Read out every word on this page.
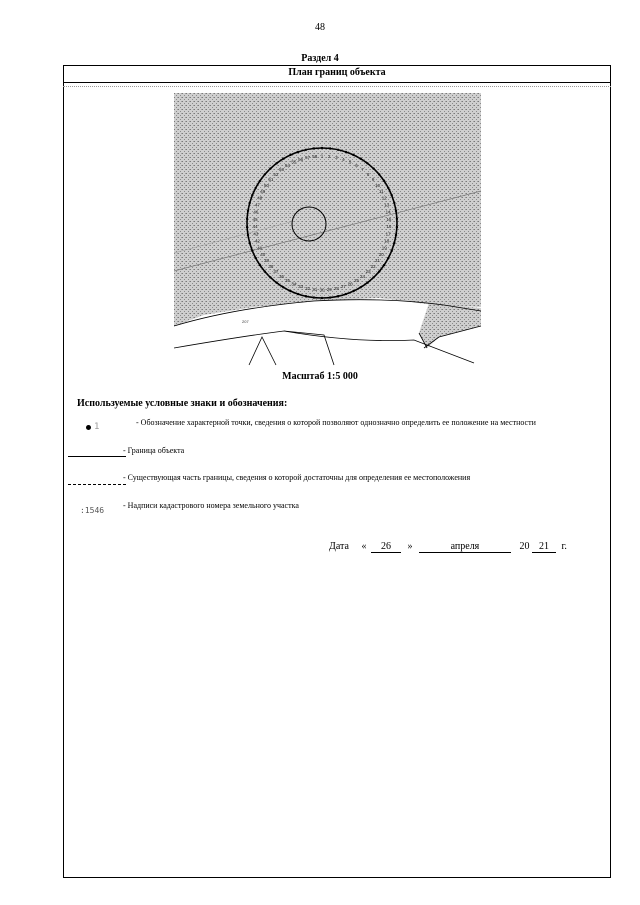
48
Раздел 4
План границ объекта
1 2 3 4
5
6
7
8
9
10
11
12
13
14
15
16
17
18
19
20
21
22
23
24
25
26
27
28
29
30
31
32
33
34
35
36
37
38
39
40
41
42
43
44
45
46
47
48
49
50
51
52
53
54
55
56 57 58
207
Масштаб 1:5 000
Используемые условные знаки и обозначения:
1	- Обозначение характерной точки, сведения о которой позволяют однозначно определить ее положение на местности
- Граница объекта
- Существующая часть границы, сведения о которой достаточны для определения ее местоположения
:1546
- Надписи кадастрового номера земельного участка
Дата « 26 »	апреля	20 21 г.
